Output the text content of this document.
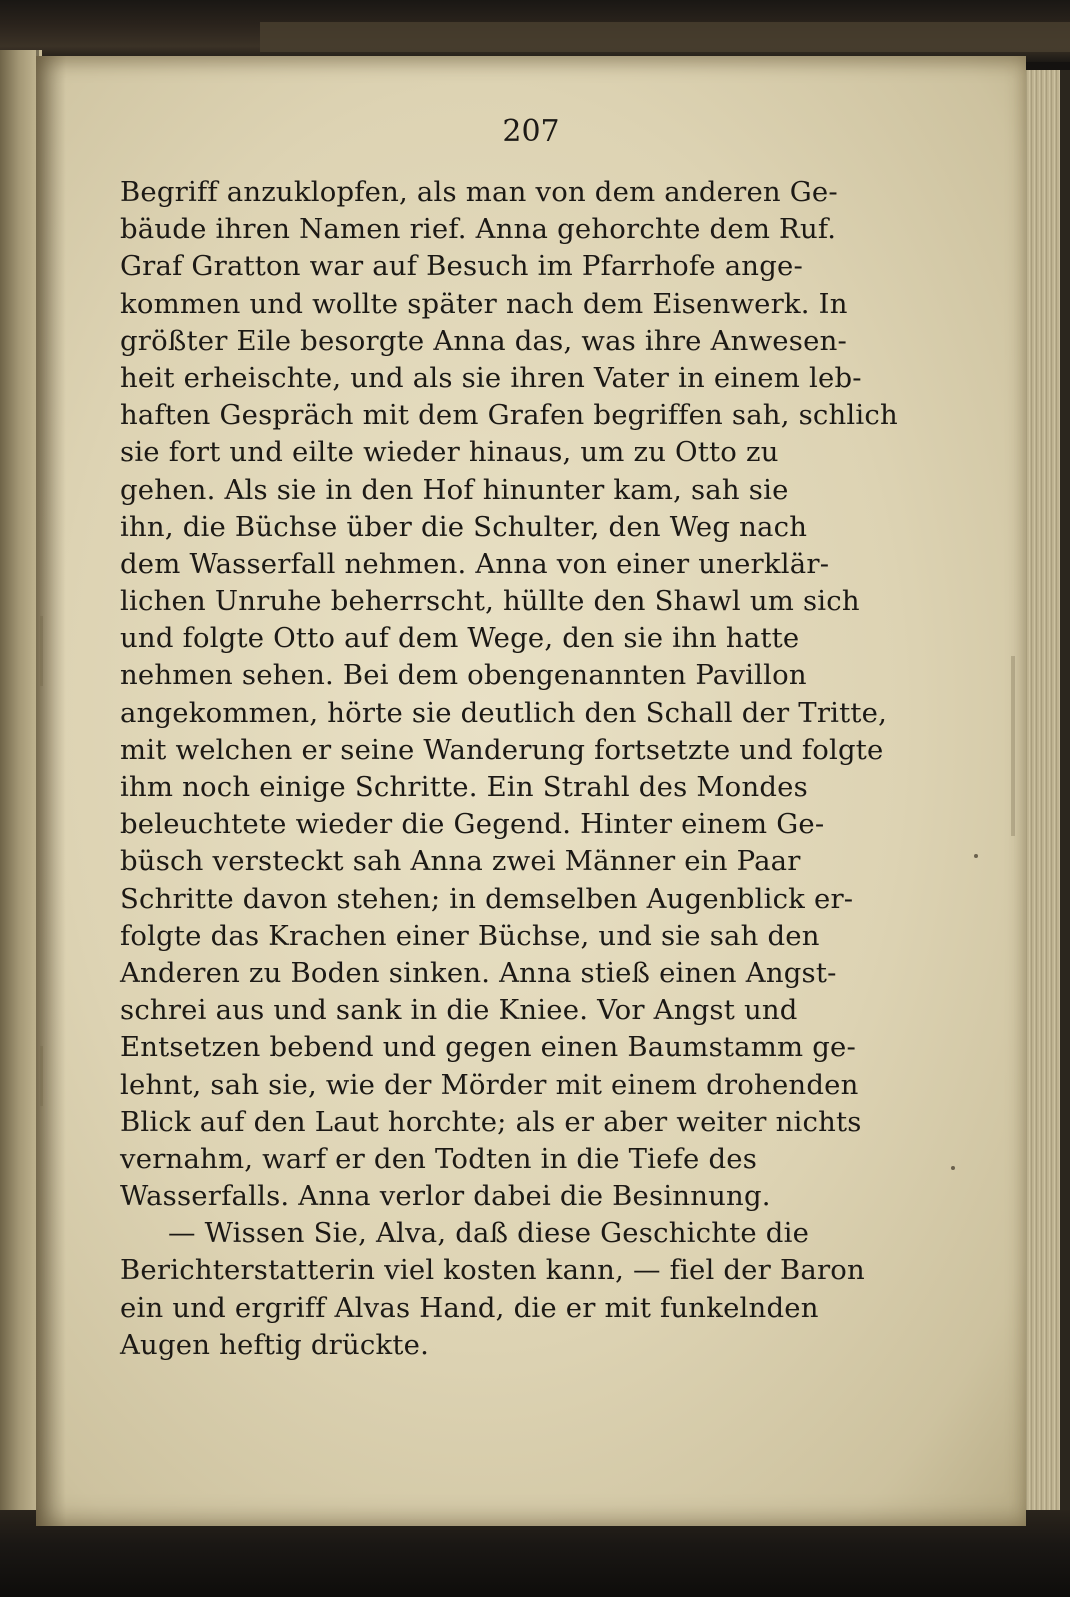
207
Begriff anzuklopfen, als man von dem anderen Ge-
bäude ihren Namen rief. Anna gehorchte dem Ruf.
Graf Gratton war auf Besuch im Pfarrhofe ange-
kommen und wollte später nach dem Eisenwerk. In
größter Eile besorgte Anna das, was ihre Anwesen-
heit erheischte, und als sie ihren Vater in einem leb-
haften Gespräch mit dem Grafen begriffen sah, schlich
sie fort und eilte wieder hinaus, um zu Otto zu
gehen. Als sie in den Hof hinunter kam, sah sie
ihn, die Büchse über die Schulter, den Weg nach
dem Wasserfall nehmen. Anna von einer unerklär-
lichen Unruhe beherrscht, hüllte den Shawl um sich
und folgte Otto auf dem Wege, den sie ihn hatte
nehmen sehen. Bei dem obengenannten Pavillon
angekommen, hörte sie deutlich den Schall der Tritte,
mit welchen er seine Wanderung fortsetzte und folgte
ihm noch einige Schritte. Ein Strahl des Mondes
beleuchtete wieder die Gegend. Hinter einem Ge-
büsch versteckt sah Anna zwei Männer ein Paar
Schritte davon stehen; in demselben Augenblick er-
folgte das Krachen einer Büchse, und sie sah den
Anderen zu Boden sinken. Anna stieß einen Angst-
schrei aus und sank in die Kniee. Vor Angst und
Entsetzen bebend und gegen einen Baumstamm ge-
lehnt, sah sie, wie der Mörder mit einem drohenden
Blick auf den Laut horchte; als er aber weiter nichts
vernahm, warf er den Todten in die Tiefe des
Wasserfalls. Anna verlor dabei die Besinnung.
— Wissen Sie, Alva, daß diese Geschichte die
Berichterstatterin viel kosten kann, — fiel der Baron
ein und ergriff Alvas Hand, die er mit funkelnden
Augen heftig drückte.
